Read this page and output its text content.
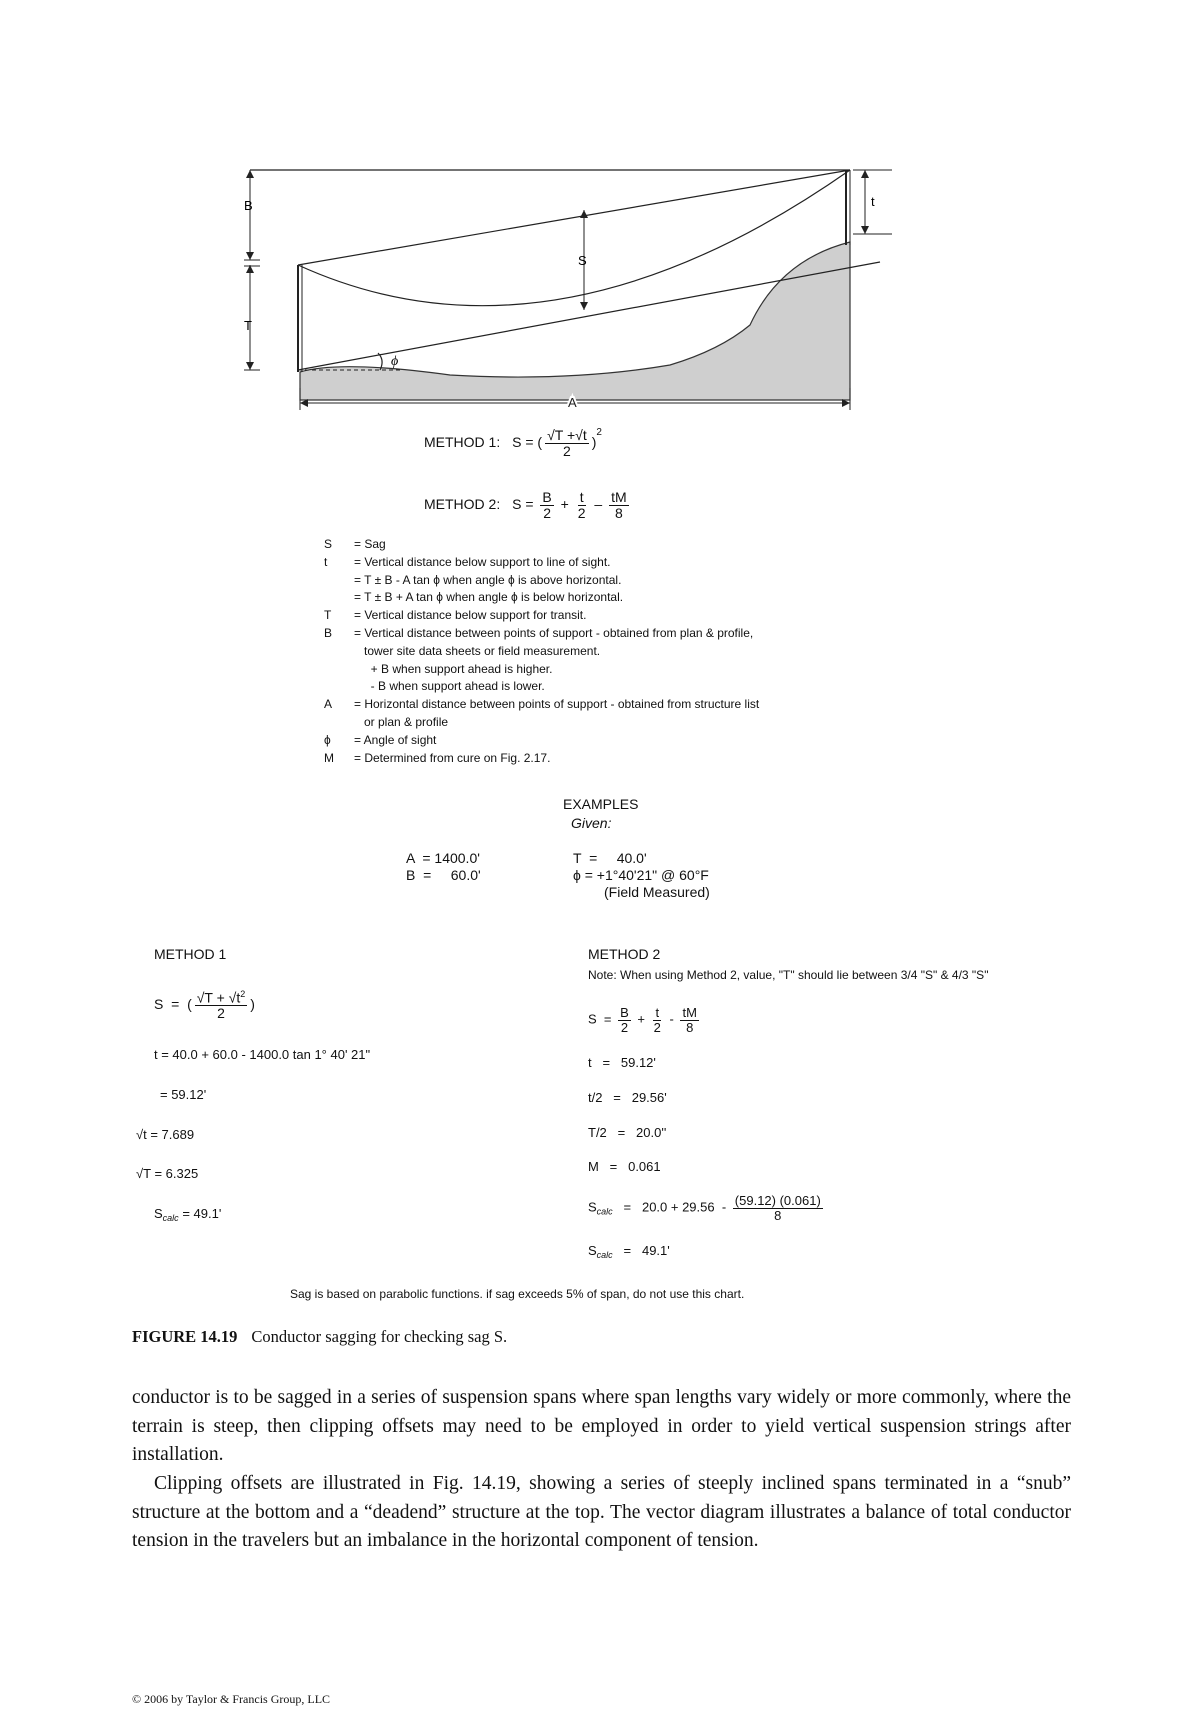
ϕ
B
T
S
t
A
METHOD 1: S = ( $\frac{√T +√t}{2} )^2$
METHOD 2: $S = \frac{B}{2} + \frac{t}{2} - \frac{tM}{8}$
S	= Sag
t	= Vertical distance below support to line of sight.
= T ± B - A tan ϕ when angle ϕ is above horizontal.
= T ± B + A tan ϕ when angle ϕ is below horizontal.
T	= Vertical distance below support for transit.
B	= Vertical distance between points of support - obtained from plan & profile,
tower site data sheets or field measurement.
+ B when support ahead is higher.
- B when support ahead is lower.
A	= Horizontal distance between points of support - obtained from structure list
or plan & profile
ϕ	= Angle of sight
M	= Determined from cure on Fig. 2.17.
EXAMPLES
Given:
A  = 1400.0'
B  =     60.0'
T  =     40.0'
ϕ = +1°40'21" @ 60°F
(Field Measured)
METHOD 1
S  =  ( $\frac{√T + √t^2}{2}$ )
t = 40.0 + 60.0 - 1400.0 tan 1° 40' 21"
= 59.12'
√t = 7.689
√T = 6.325
$S_{calc} = 49.1'$
METHOD 2
Note: When using Method 2, value, "T" should lie between 3/4 "S" & 4/3 "S"
$S = \frac{B}{2} + \frac{t}{2} - \frac{tM}{8}$
t   =   59.12'
t/2   =   29.56'
T/2   =   20.0''
M   =   0.061
$S_{calc} = 20.0 + 29.56 - \frac{(59.12) (0.061)}{8}$
$S_{calc} = 49.1'$
Sag is based on parabolic functions. if sag exceeds 5% of span, do not use this chart.
FIGURE 14.19 Conductor sagging for checking sag S.

conductor is to be sagged in a series of suspension spans where span lengths vary widely or more commonly, where the terrain is steep, then clipping offsets may need to be employed in order to yield vertical suspension strings after installation.

Clipping offsets are illustrated in Fig. 14.19, showing a series of steeply inclined spans terminated in a “snub” structure at the bottom and a “deadend” structure at the top. The vector diagram illustrates a balance of total conductor tension in the travelers but an imbalance in the horizontal component of tension.

© 2006 by Taylor & Francis Group, LLC
